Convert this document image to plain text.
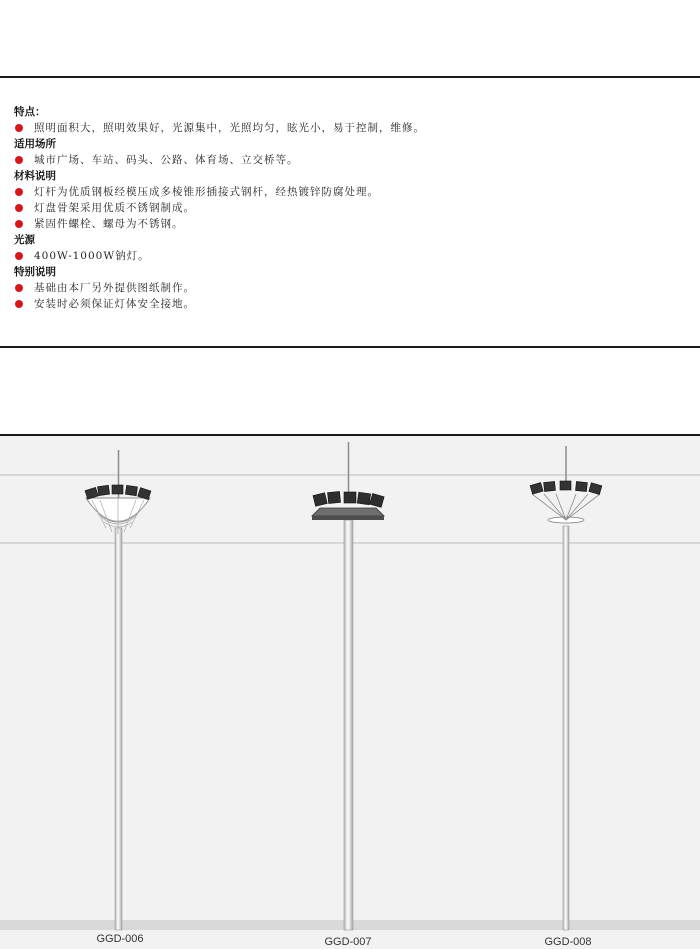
特点：
照明面积大，照明效果好，光源集中，光照均匀，眩光小，易于控制，维修。
适用场所
城市广场、车站、码头、公路、体育场、立交桥等。
材料说明
灯杆为优质钢板经模压成多棱锥形插接式钢杆，经热镀锌防腐处理。
灯盘骨架采用优质不锈钢制成。
紧固件螺栓、螺母为不锈钢。
光源
400W-1000W钠灯。
特别说明
基础由本厂另外提供图纸制作。
安装时必须保证灯体安全接地。
GGD-006	GGD-007	GGD-008
